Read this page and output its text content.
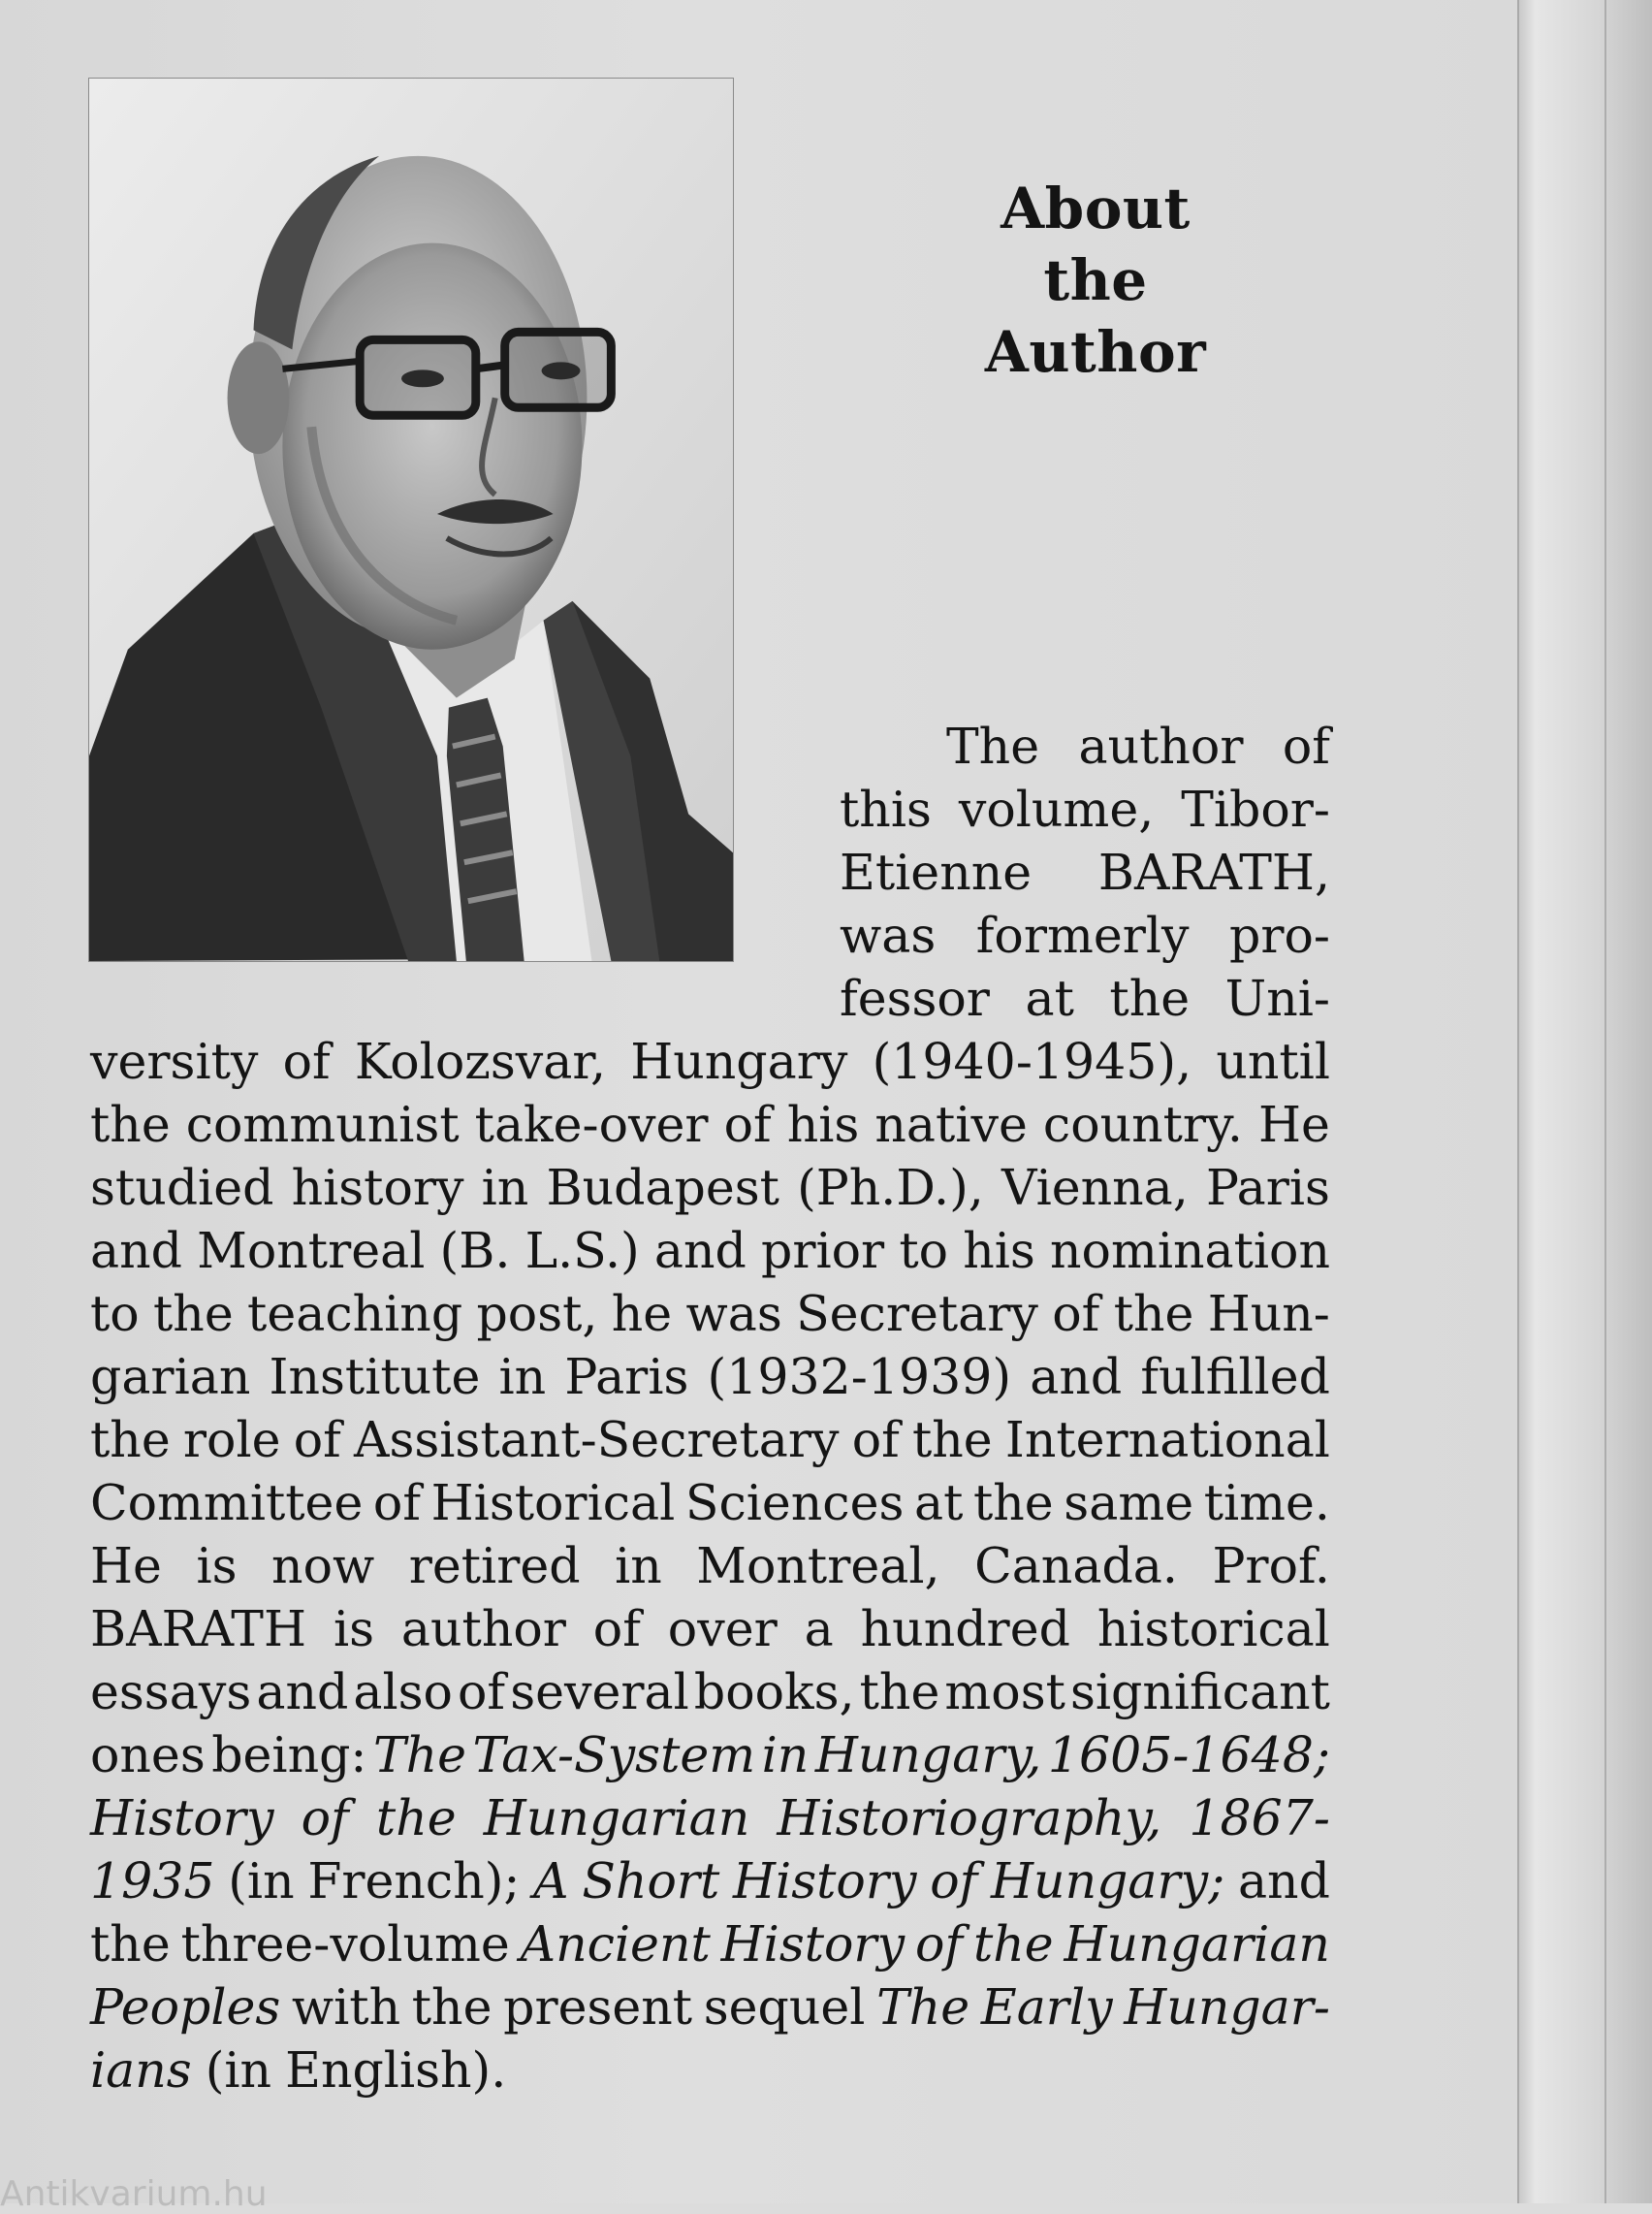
About
the
Author
The author of
this volume, Tibor-
Etienne BARATH,
was formerly pro-
fessor at the Uni-
versity of Kolozsvar, Hungary (1940-1945), until
the communist take-over of his native country. He
studied history in Budapest (Ph.D.), Vienna, Paris
and Montreal (B. L.S.) and prior to his nomination
to the teaching post, he was Secretary of the Hun-
garian Institute in Paris (1932-1939) and fulfilled
the role of Assistant-Secretary of the International
Committee of Historical Sciences at the same time.
He is now retired in Montreal, Canada. Prof.
BARATH is author of over a hundred historical
essays and also of several books, the most significant
ones being: The Tax-System in Hungary, 1605-1648;
History of the Hungarian Historiography, 1867-
1935 (in French); A Short History of Hungary; and
the three-volume Ancient History of the Hungarian
Peoples with the present sequel The Early Hungar-
ians (in English).
Antikvarium.hu
